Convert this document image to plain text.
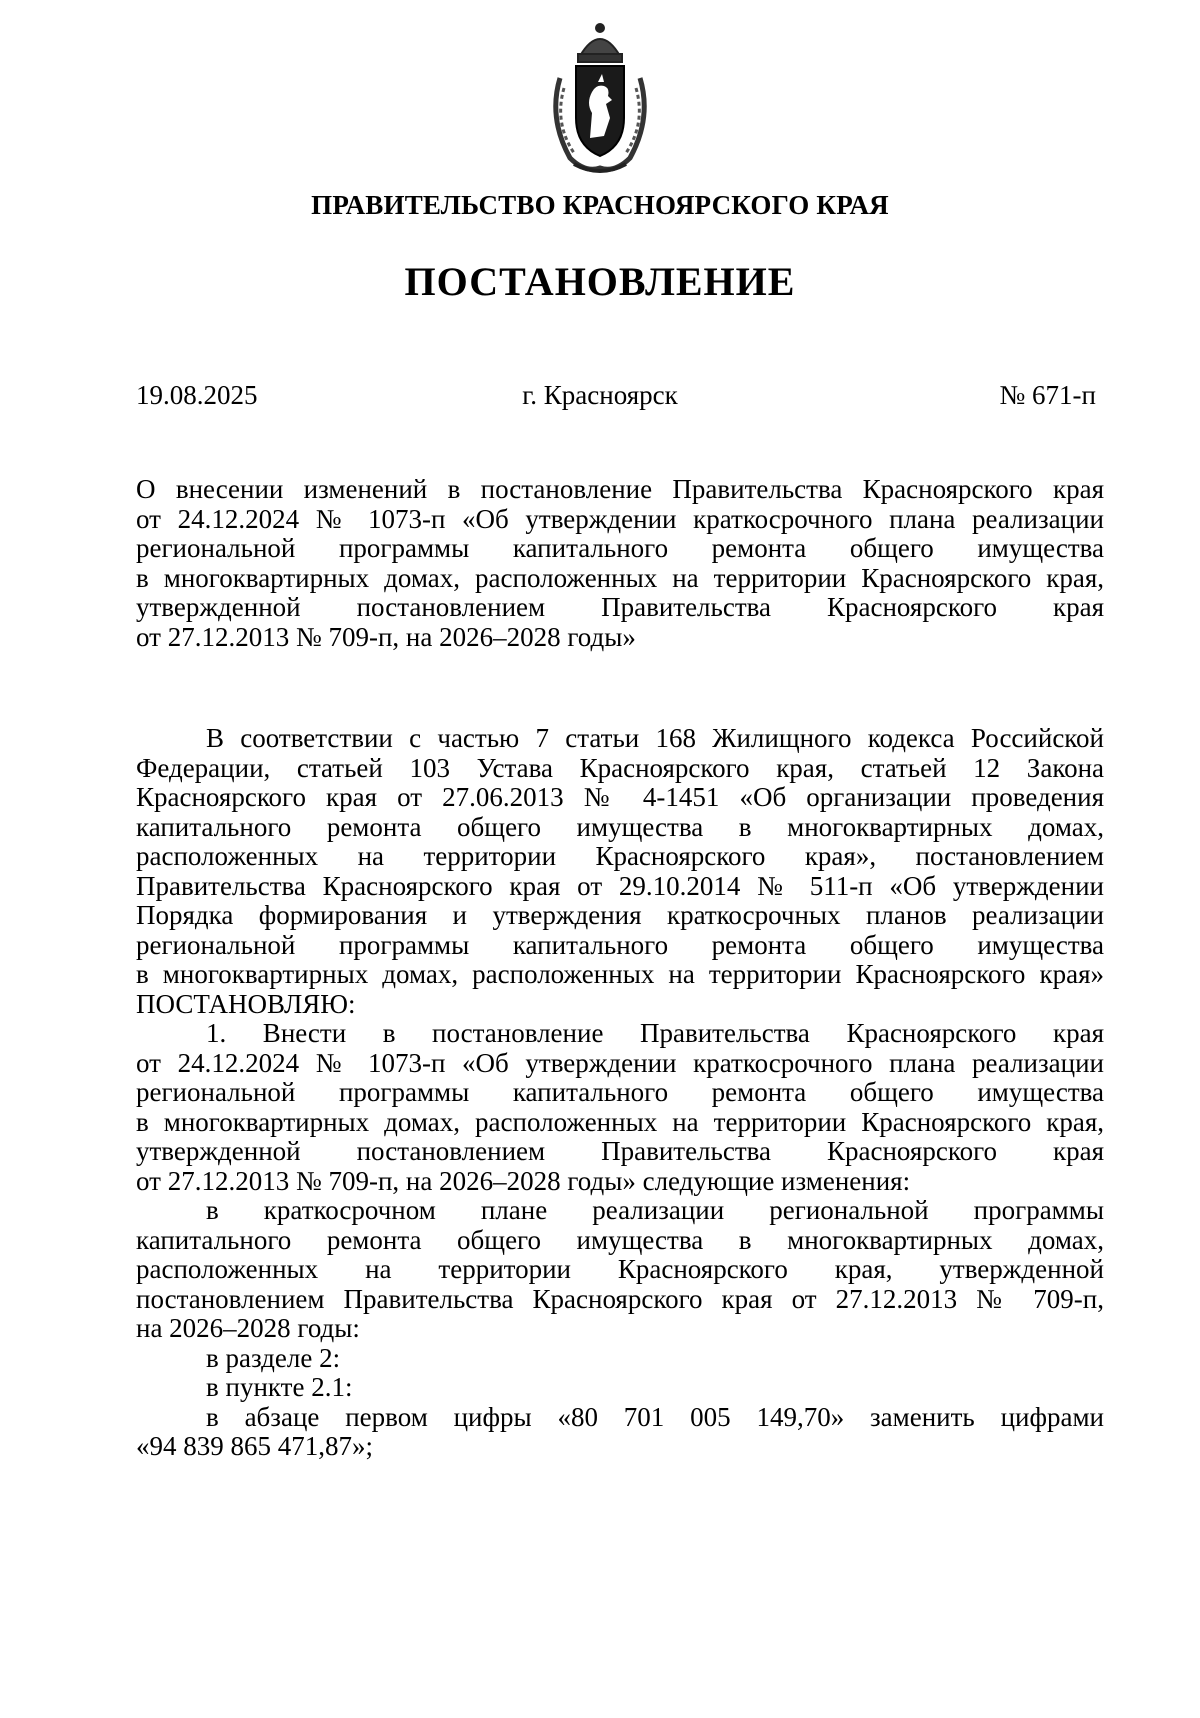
ПРАВИТЕЛЬСТВО КРАСНОЯРСКОГО КРАЯ
ПОСТАНОВЛЕНИЕ
19.08.2025	г. Красноярск	№ 671-п
О внесении изменений в постановление Правительства Красноярского края
от 24.12.2024 № 1073-п «Об утверждении краткосрочного плана реализации
региональной программы капитального ремонта общего имущества
в многоквартирных домах, расположенных на территории Красноярского края,
утвержденной постановлением Правительства Красноярского края
от 27.12.2013 № 709-п, на 2026–2028 годы»
В соответствии с частью 7 статьи 168 Жилищного кодекса Российской
Федерации, статьей 103 Устава Красноярского края, статьей 12 Закона
Красноярского края от 27.06.2013 № 4-1451 «Об организации проведения
капитального ремонта общего имущества в многоквартирных домах,
расположенных на территории Красноярского края», постановлением
Правительства Красноярского края от 29.10.2014 № 511-п «Об утверждении
Порядка формирования и утверждения краткосрочных планов реализации
региональной программы капитального ремонта общего имущества
в многоквартирных домах, расположенных на территории Красноярского края»
ПОСТАНОВЛЯЮ:
1. Внести в постановление Правительства Красноярского края
от 24.12.2024 № 1073-п «Об утверждении краткосрочного плана реализации
региональной программы капитального ремонта общего имущества
в многоквартирных домах, расположенных на территории Красноярского края,
утвержденной постановлением Правительства Красноярского края
от 27.12.2013 № 709-п, на 2026–2028 годы» следующие изменения:
в краткосрочном плане реализации региональной программы
капитального ремонта общего имущества в многоквартирных домах,
расположенных на территории Красноярского края, утвержденной
постановлением Правительства Красноярского края от 27.12.2013 № 709-п,
на 2026–2028 годы:
в разделе 2:
в пункте 2.1:
в абзаце первом цифры «80 701 005 149,70» заменить цифрами
«94 839 865 471,87»;
